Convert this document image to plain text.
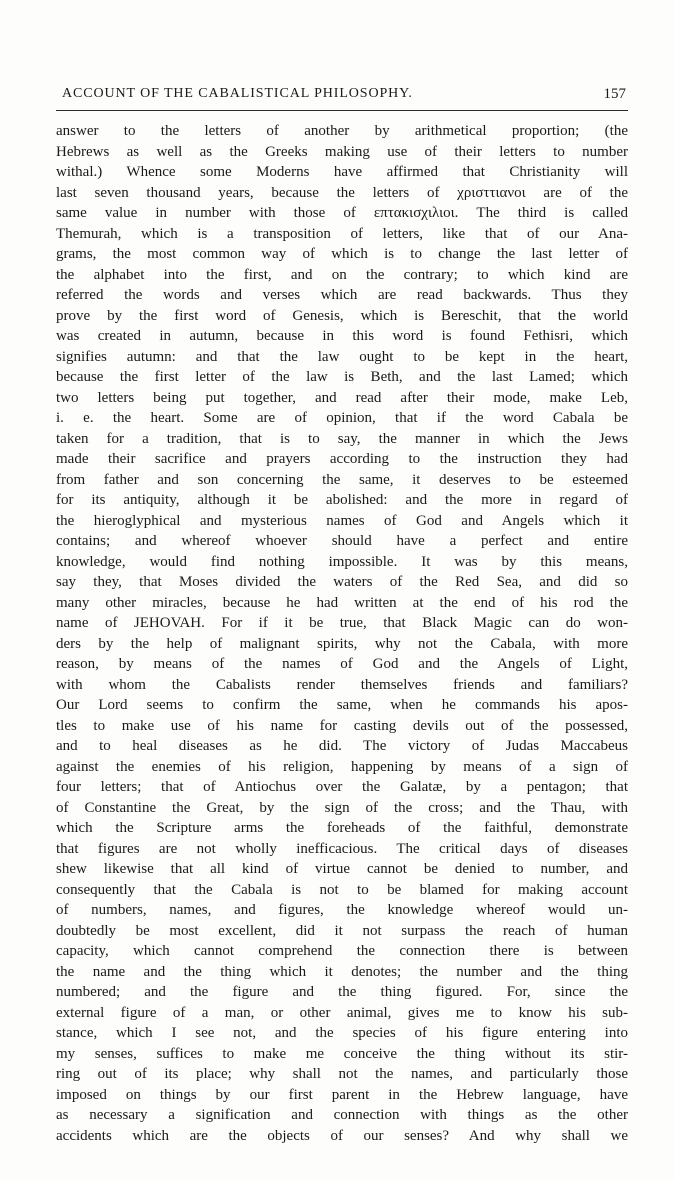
ACCOUNT OF THE CABALISTICAL PHILOSOPHY.	157
answer to the letters of another by arithmetical proportion; (the
Hebrews as well as the Greeks making use of their letters to number
withal.) Whence some Moderns have affirmed that Christianity will
last seven thousand years, because the letters of χρισττιανοι are of the
same value in number with those of επτακισχιλιοι. The third is called
Themurah, which is a transposition of letters, like that of our Ana-
grams, the most common way of which is to change the last letter of
the alphabet into the first, and on the contrary; to which kind are
referred the words and verses which are read backwards. Thus they
prove by the first word of Genesis, which is Bereschit, that the world
was created in autumn, because in this word is found Fethisri, which
signifies autumn: and that the law ought to be kept in the heart,
because the first letter of the law is Beth, and the last Lamed; which
two letters being put together, and read after their mode, make Leb,
i. e. the heart. Some are of opinion, that if the word Cabala be
taken for a tradition, that is to say, the manner in which the Jews
made their sacrifice and prayers according to the instruction they had
from father and son concerning the same, it deserves to be esteemed
for its antiquity, although it be abolished: and the more in regard of
the hieroglyphical and mysterious names of God and Angels which it
contains; and whereof whoever should have a perfect and entire
knowledge, would find nothing impossible. It was by this means,
say they, that Moses divided the waters of the Red Sea, and did so
many other miracles, because he had written at the end of his rod the
name of JEHOVAH. For if it be true, that Black Magic can do won-
ders by the help of malignant spirits, why not the Cabala, with more
reason, by means of the names of God and the Angels of Light,
with whom the Cabalists render themselves friends and familiars?
Our Lord seems to confirm the same, when he commands his apos-
tles to make use of his name for casting devils out of the possessed,
and to heal diseases as he did. The victory of Judas Maccabeus
against the enemies of his religion, happening by means of a sign of
four letters; that of Antiochus over the Galatæ, by a pentagon; that
of Constantine the Great, by the sign of the cross; and the Thau, with
which the Scripture arms the foreheads of the faithful, demonstrate
that figures are not wholly inefficacious. The critical days of diseases
shew likewise that all kind of virtue cannot be denied to number, and
consequently that the Cabala is not to be blamed for making account
of numbers, names, and figures, the knowledge whereof would un-
doubtedly be most excellent, did it not surpass the reach of human
capacity, which cannot comprehend the connection there is between
the name and the thing which it denotes; the number and the thing
numbered; and the figure and the thing figured. For, since the
external figure of a man, or other animal, gives me to know his sub-
stance, which I see not, and the species of his figure entering into
my senses, suffices to make me conceive the thing without its stir-
ring out of its place; why shall not the names, and particularly those
imposed on things by our first parent in the Hebrew language, have
as necessary a signification and connection with things as the other
accidents which are the objects of our senses? And why shall we
